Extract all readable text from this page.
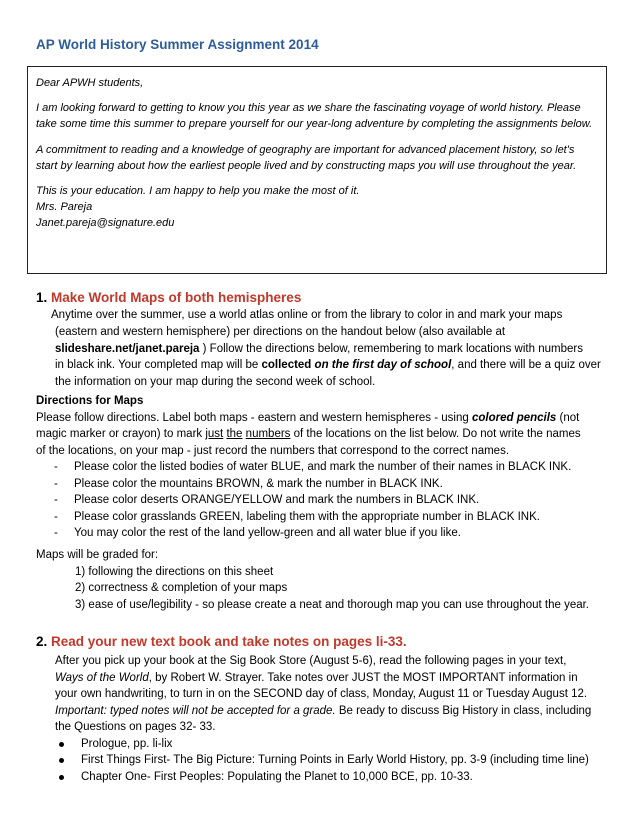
AP World History Summer Assignment 2014

Dear APWH students,

I am looking forward to getting to know you this year as we share the fascinating voyage of world history. Please take some time this summer to prepare yourself for our year-long adventure by completing the assignments below.

A commitment to reading and a knowledge of geography are important for advanced placement history, so let's start by learning about how the earliest people lived and by constructing maps you will use throughout the year.

This is your education. I am happy to help you make the most of it.

Mrs. Pareja

Janet.pareja@signature.edu

1. Make World Maps of both hemispheres
Anytime over the summer, use a world atlas online or from the library to color in and mark your maps
(eastern and western hemisphere) per directions on the handout below (also available at
slideshare.net/janet.pareja ) Follow the directions below, remembering to mark locations with numbers
in black ink. Your completed map will be collected on the first day of school, and there will be a quiz over
the information on your map during the second week of school.
Directions for Maps
Please follow directions. Label both maps - eastern and western hemispheres - using colored pencils (not
magic marker or crayon) to mark just the numbers of the locations on the list below. Do not write the names
of the locations, on your map - just record the numbers that correspond to the correct names.
- Please color the listed bodies of water BLUE, and mark the number of their names in BLACK INK.
- Please color the mountains BROWN, & mark the number in BLACK INK.
- Please color deserts ORANGE/YELLOW and mark the numbers in BLACK INK.
- Please color grasslands GREEN, labeling them with the appropriate number in BLACK INK.
- You may color the rest of the land yellow-green and all water blue if you like.
Maps will be graded for:
1) following the directions on this sheet
2) correctness & completion of your maps
3) ease of use/legibility - so please create a neat and thorough map you can use throughout the year.
2. Read your new text book and take notes on pages li-33.
After you pick up your book at the Sig Book Store (August 5-6), read the following pages in your text,
Ways of the World, by Robert W. Strayer. Take notes over JUST the MOST IMPORTANT information in
your own handwriting, to turn in on the SECOND day of class, Monday, August 11 or Tuesday August 12.
Important: typed notes will not be accepted for a grade. Be ready to discuss Big History in class, including
the Questions on pages 32- 33.
Prologue, pp. li-lix
First Things First- The Big Picture: Turning Points in Early World History, pp. 3-9 (including time line)
Chapter One- First Peoples: Populating the Planet to 10,000 BCE, pp. 10-33.
